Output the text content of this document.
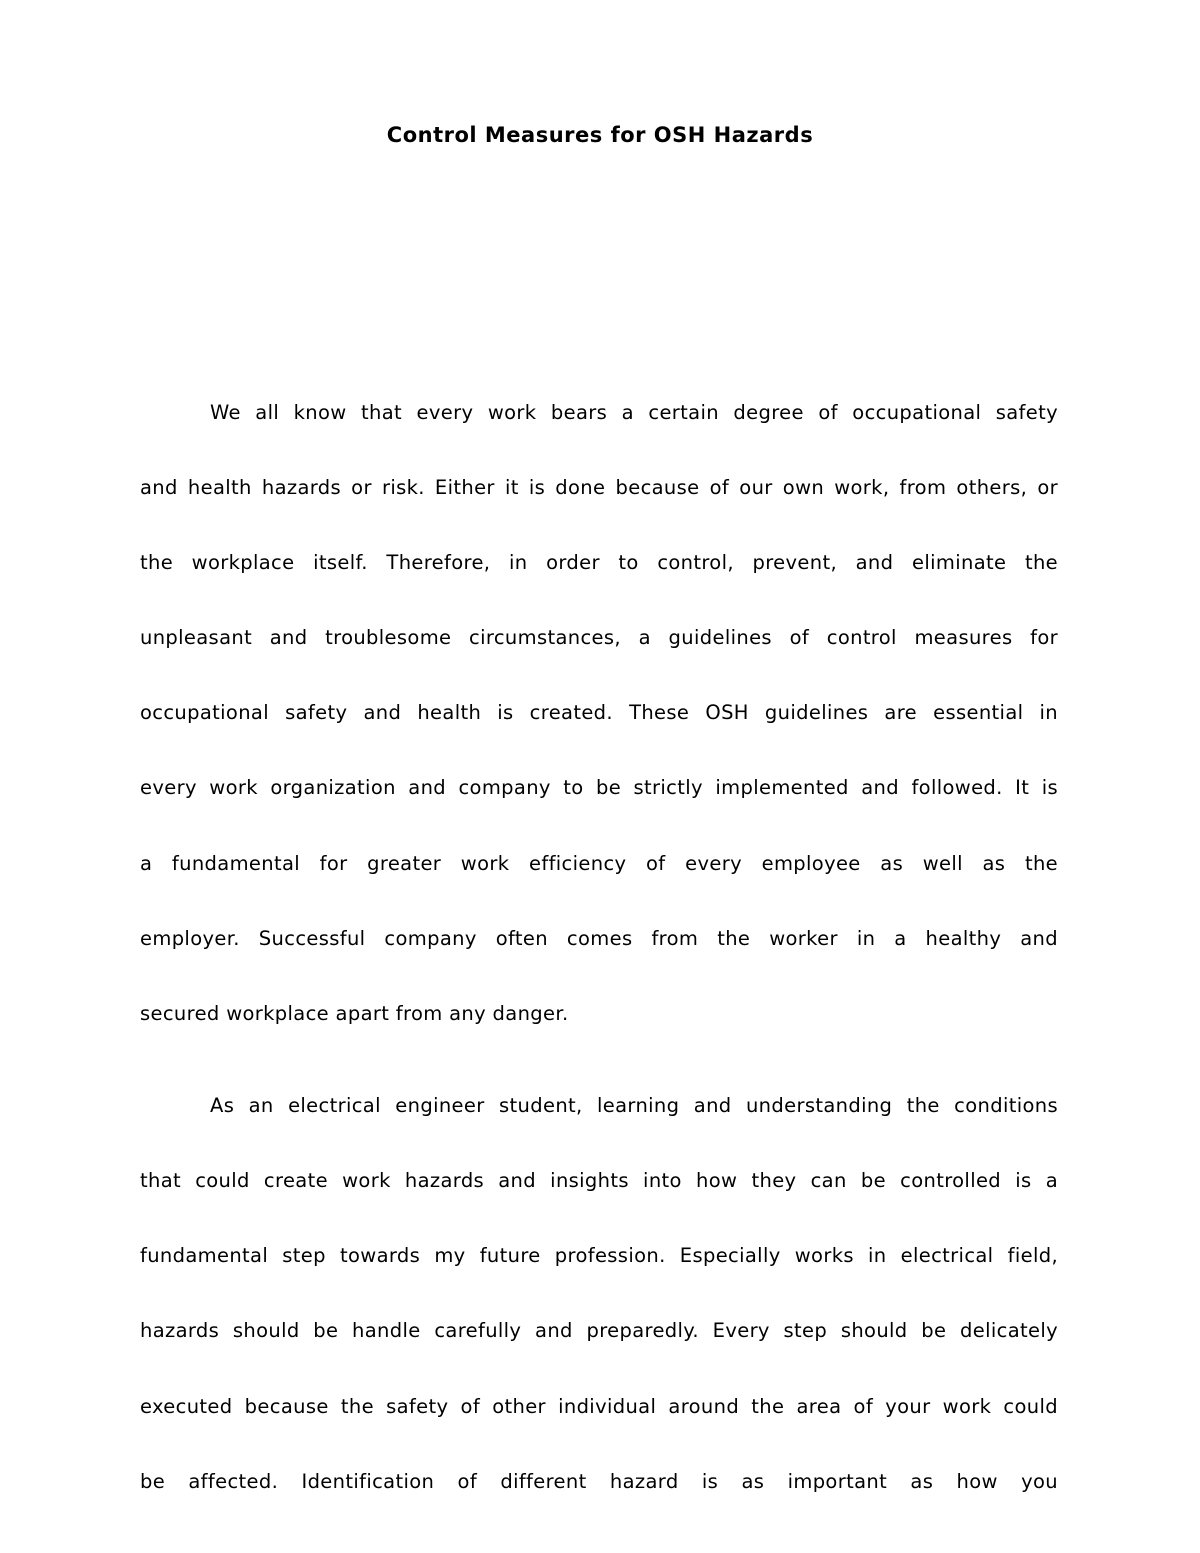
Control Measures for OSH Hazards
We all know that every work bears a certain degree of occupational safety
and health hazards or risk. Either it is done because of our own work, from others, or
the workplace itself. Therefore, in order to control, prevent, and eliminate the
unpleasant and troublesome circumstances, a guidelines of control measures for
occupational safety and health is created. These OSH guidelines are essential in
every work organization and company to be strictly implemented and followed. It is
a fundamental for greater work efficiency of every employee as well as the
employer. Successful company often comes from the worker in a healthy and
secured workplace apart from any danger.
As an electrical engineer student, learning and understanding the conditions
that could create work hazards and insights into how they can be controlled is a
fundamental step towards my future profession. Especially works in electrical field,
hazards should be handle carefully and preparedly. Every step should be delicately
executed because the safety of other individual around the area of your work could
be affected. Identification of different hazard is as important as how you
